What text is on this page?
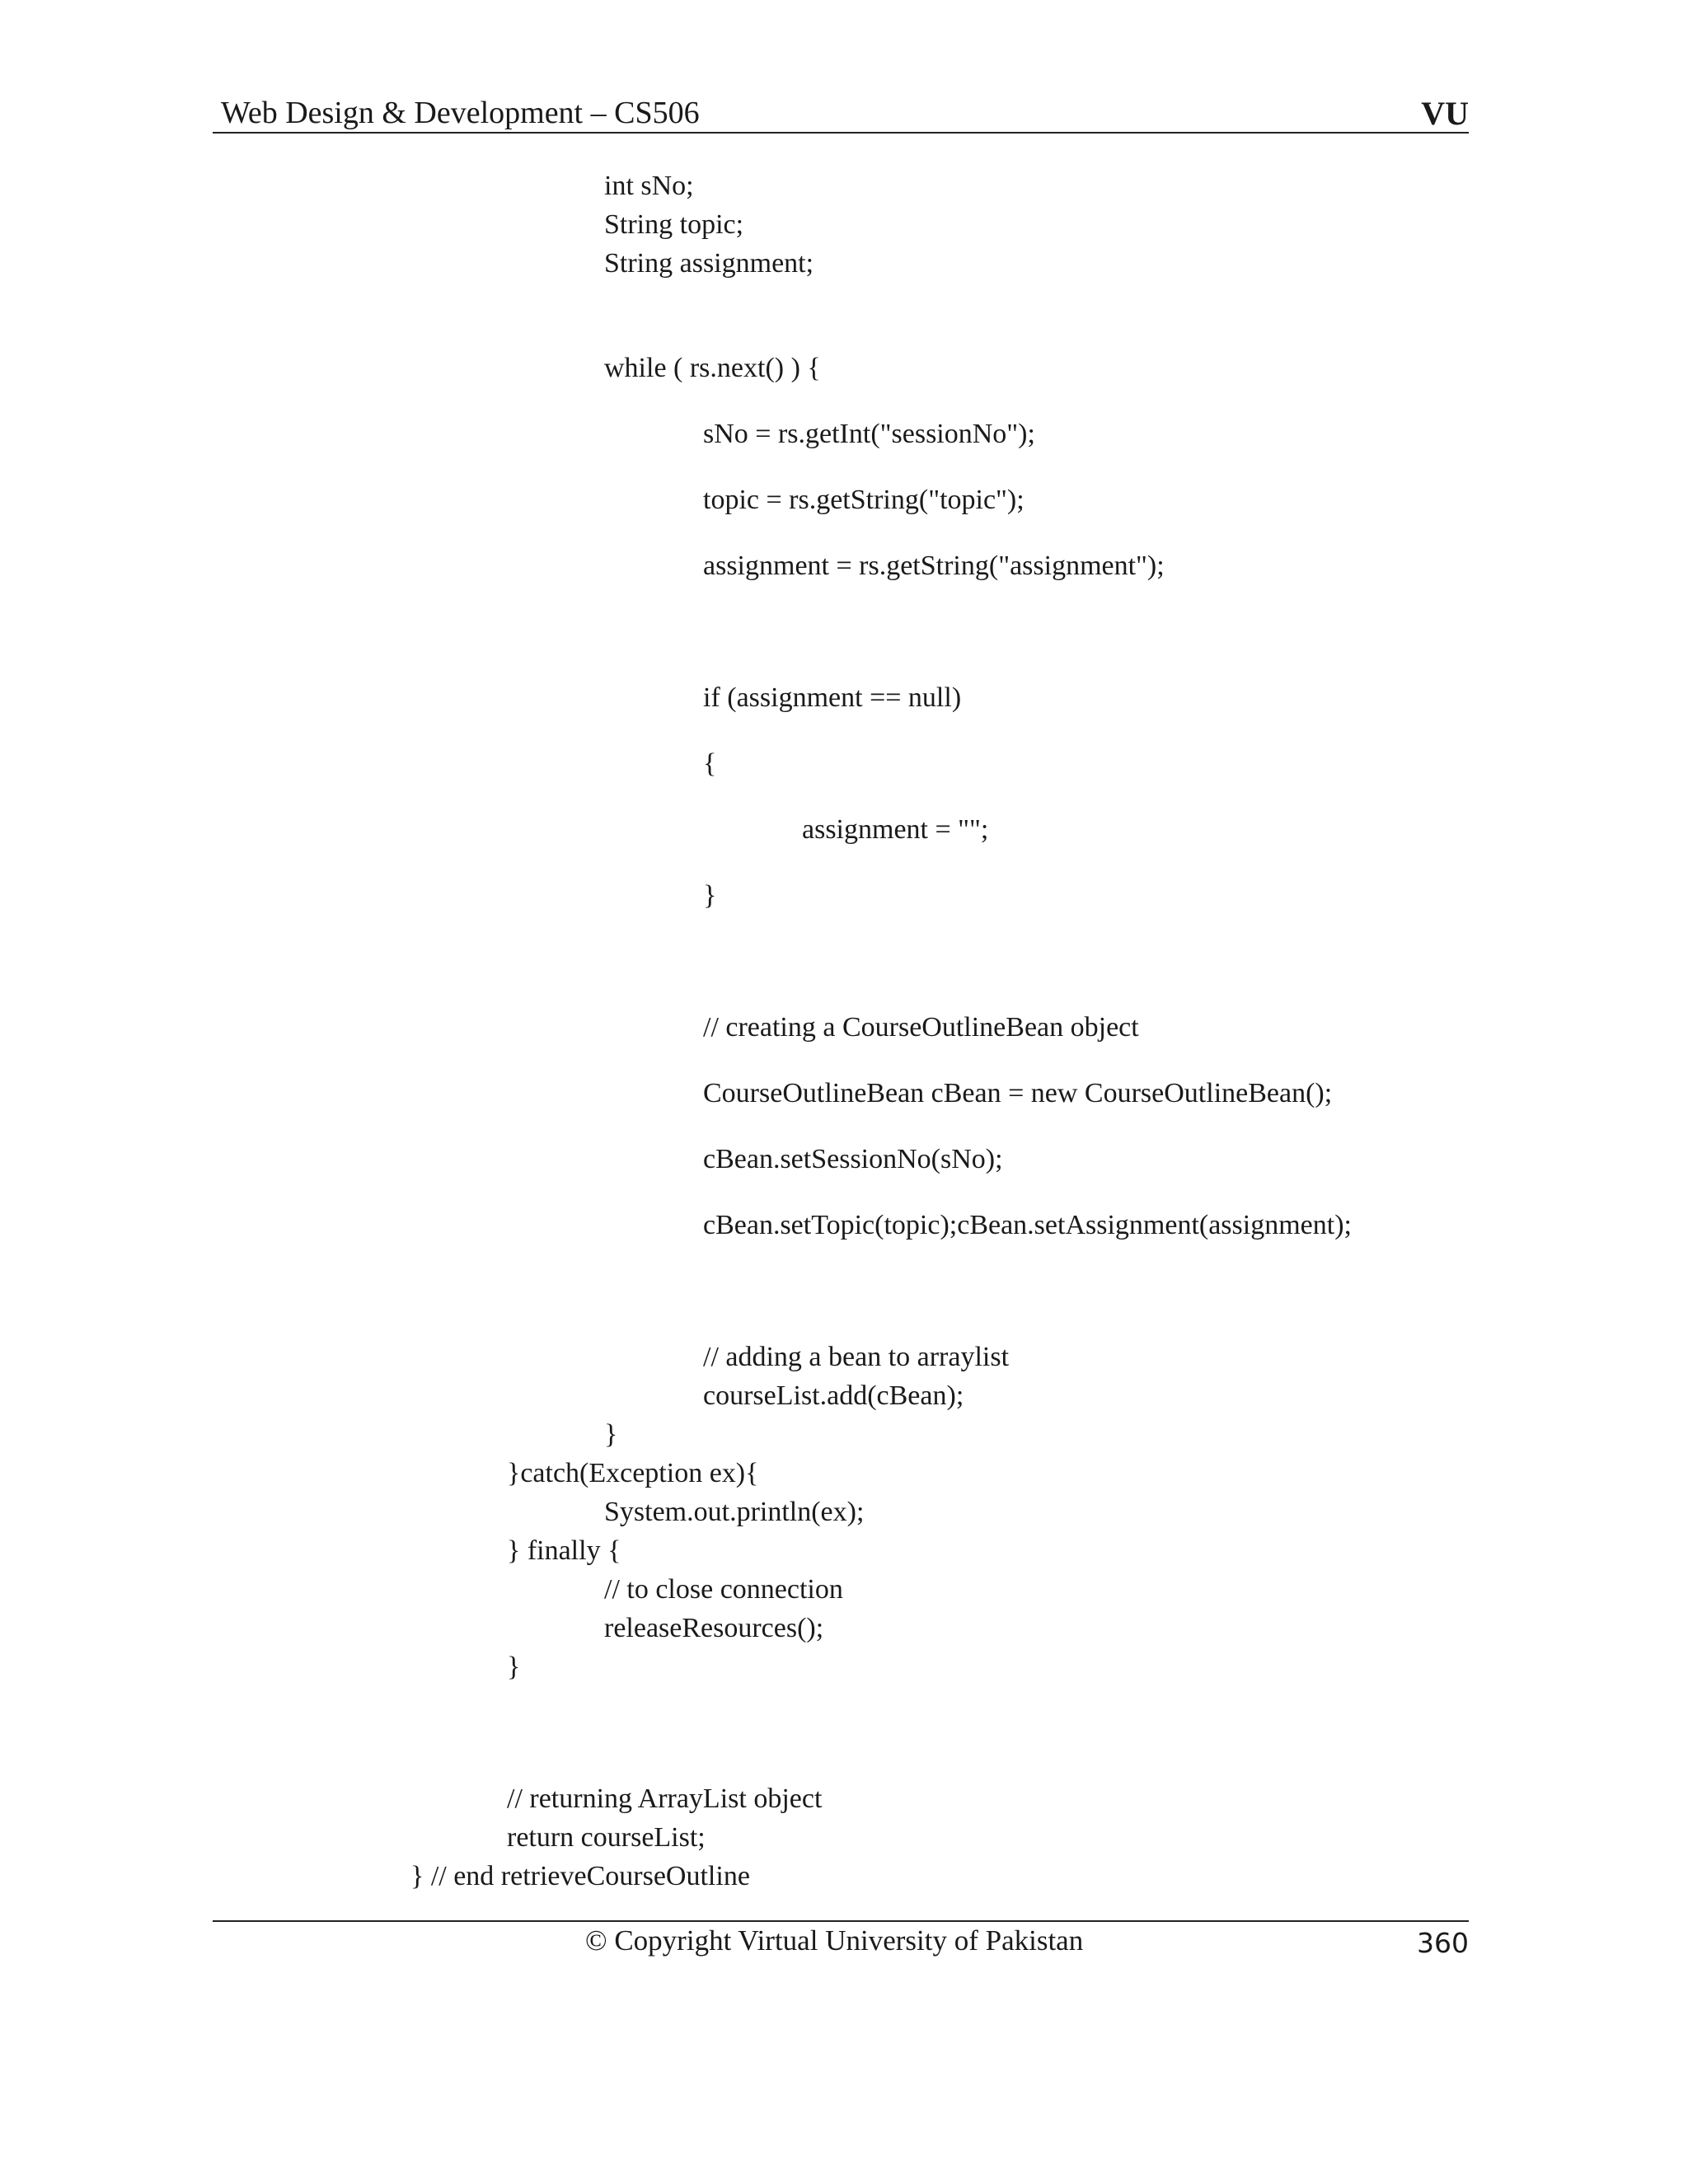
Web Design & Development – CS506	VU
int sNo;
String topic;
String assignment;
while ( rs.next() ) {
sNo = rs.getInt("sessionNo");
topic = rs.getString("topic");
assignment = rs.getString("assignment");
if (assignment == null)
{
assignment = "";
}
// creating a CourseOutlineBean object
CourseOutlineBean cBean = new CourseOutlineBean();
cBean.setSessionNo(sNo);
cBean.setTopic(topic);cBean.setAssignment(assignment);
// adding a bean to arraylist
courseList.add(cBean);
}
}catch(Exception ex){
System.out.println(ex);
} finally {
// to close connection
releaseResources();
}
// returning ArrayList object
return courseList;
} // end retrieveCourseOutline
© Copyright Virtual University of Pakistan	360
